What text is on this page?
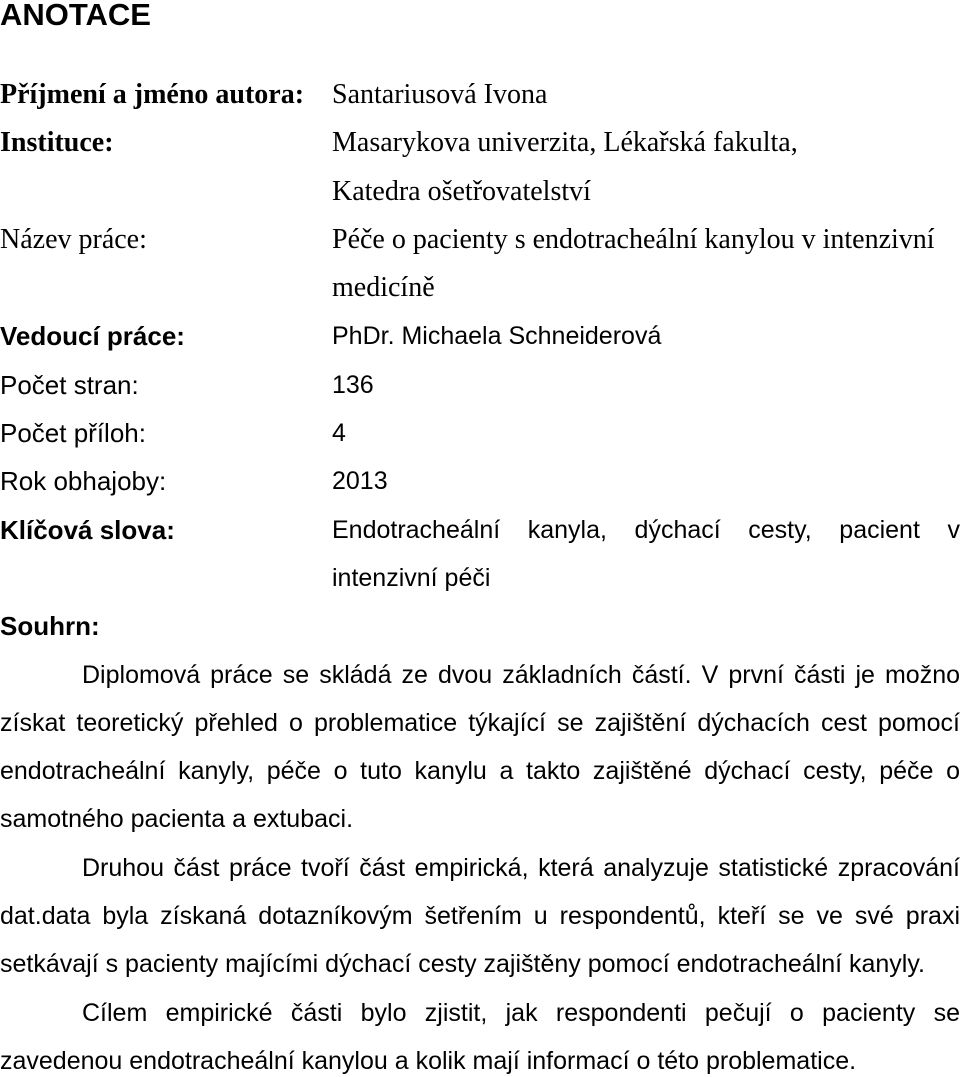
ANOTACE
Příjmení a jméno autora: Santariusová Ivona
Instituce:	Masarykova univerzita, Lékařská fakulta,
Katedra ošetřovatelství
Název práce:	Péče o pacienty s endotracheální kanylou v intenzivní
medicíně
Vedoucí práce:	PhDr. Michaela Schneiderová
Počet stran:	136
Počet příloh:	4
Rok obhajoby:	2013
Klíčová slova:	Endotracheální kanyla, dýchací cesty, pacient v
intenzivní péči
Souhrn:
Diplomová práce se skládá ze dvou základních částí. V první části je možno
získat teoretický přehled o problematice týkající se zajištění dýchacích cest pomocí
endotracheální kanyly, péče o tuto kanylu a takto zajištěné dýchací cesty, péče o
samotného pacienta a extubaci.
Druhou část práce tvoří část empirická, která analyzuje statistické zpracování
dat.data byla získaná dotazníkovým šetřením u respondentů, kteří se ve své praxi
setkávají s pacienty majícími dýchací cesty zajištěny pomocí endotracheální kanyly.
Cílem empirické části bylo zjistit, jak respondenti pečují o pacienty se
zavedenou endotracheální kanylou a kolik mají informací o této problematice.
